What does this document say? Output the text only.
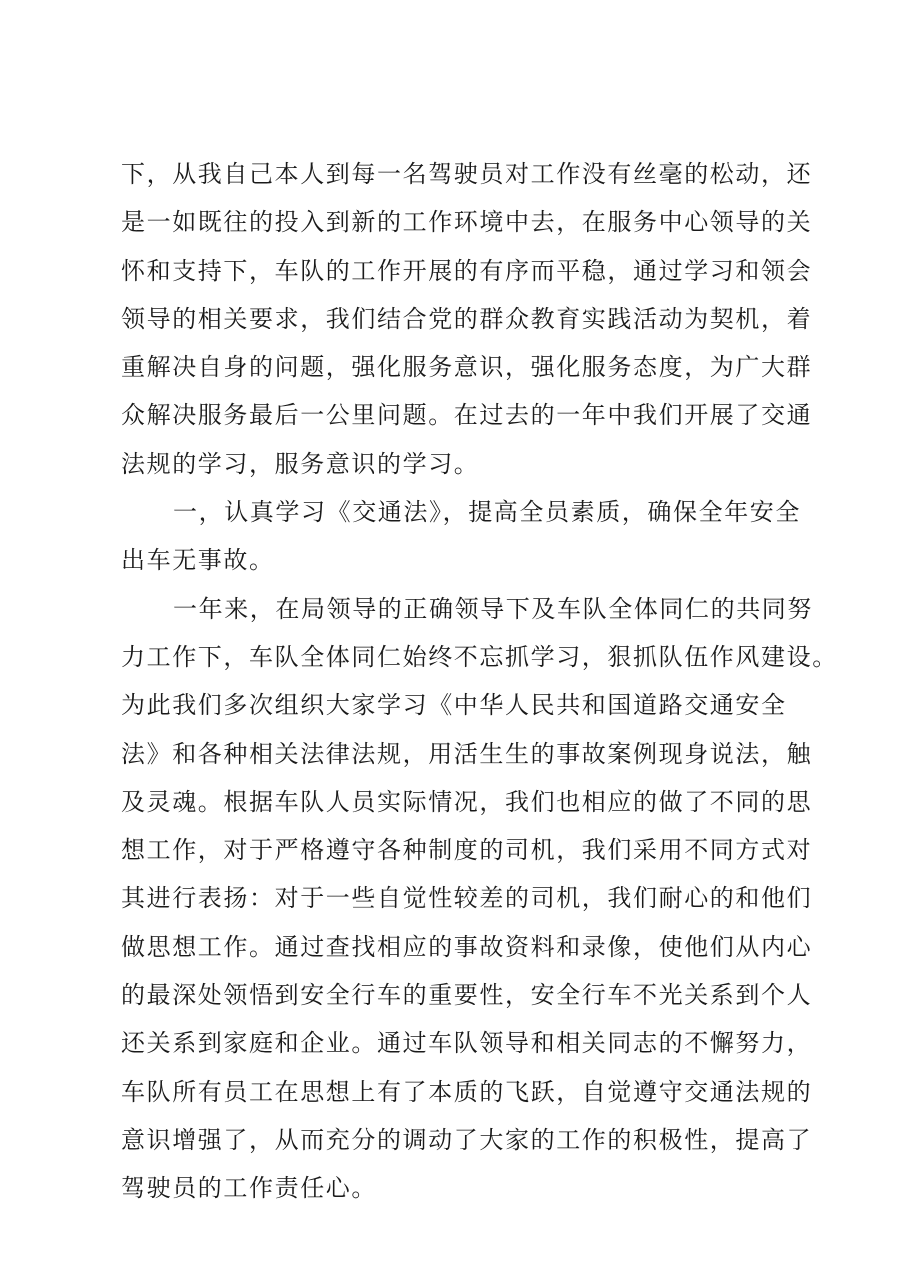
下，从我自己本人到每一名驾驶员对工作没有丝毫的松动，还
是一如既往的投入到新的工作环境中去，在服务中心领导的关
怀和支持下，车队的工作开展的有序而平稳，通过学习和领会
领导的相关要求，我们结合党的群众教育实践活动为契机，着
重解决自身的问题，强化服务意识，强化服务态度，为广大群
众解决服务最后一公里问题。在过去的一年中我们开展了交通
法规的学习，服务意识的学习。
一，认真学习《交通法》，提高全员素质，确保全年安全
出车无事故。
一年来，在局领导的正确领导下及车队全体同仁的共同努
力工作下，车队全体同仁始终不忘抓学习，狠抓队伍作风建设。
为此我们多次组织大家学习《中华人民共和国道路交通安全
法》和各种相关法律法规，用活生生的事故案例现身说法，触
及灵魂。根据车队人员实际情况，我们也相应的做了不同的思
想工作，对于严格遵守各种制度的司机，我们采用不同方式对
其进行表扬：对于一些自觉性较差的司机，我们耐心的和他们
做思想工作。通过查找相应的事故资料和录像，使他们从内心
的最深处领悟到安全行车的重要性，安全行车不光关系到个人
还关系到家庭和企业。通过车队领导和相关同志的不懈努力，
车队所有员工在思想上有了本质的飞跃，自觉遵守交通法规的
意识增强了，从而充分的调动了大家的工作的积极性，提高了
驾驶员的工作责任心。
